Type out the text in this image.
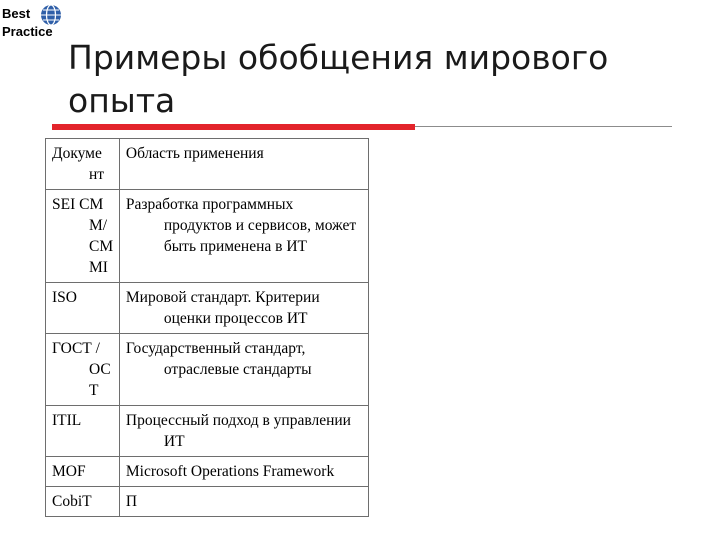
Best
Practice
Примеры обобщения мирового опыта
Докуме нт	Область применения

SEI CM M/ CM MI	Разработка программных продуктов и сервисов, может быть применена в ИТ

ISO	Мировой стандарт. Критерии оценки процессов ИТ

ГОСТ / ОС Т	Государственный стандарт, отраслевые стандарты

ITIL	Процессный подход в управлении ИТ

MOF	Microsoft Operations Framework

CobiT	П
